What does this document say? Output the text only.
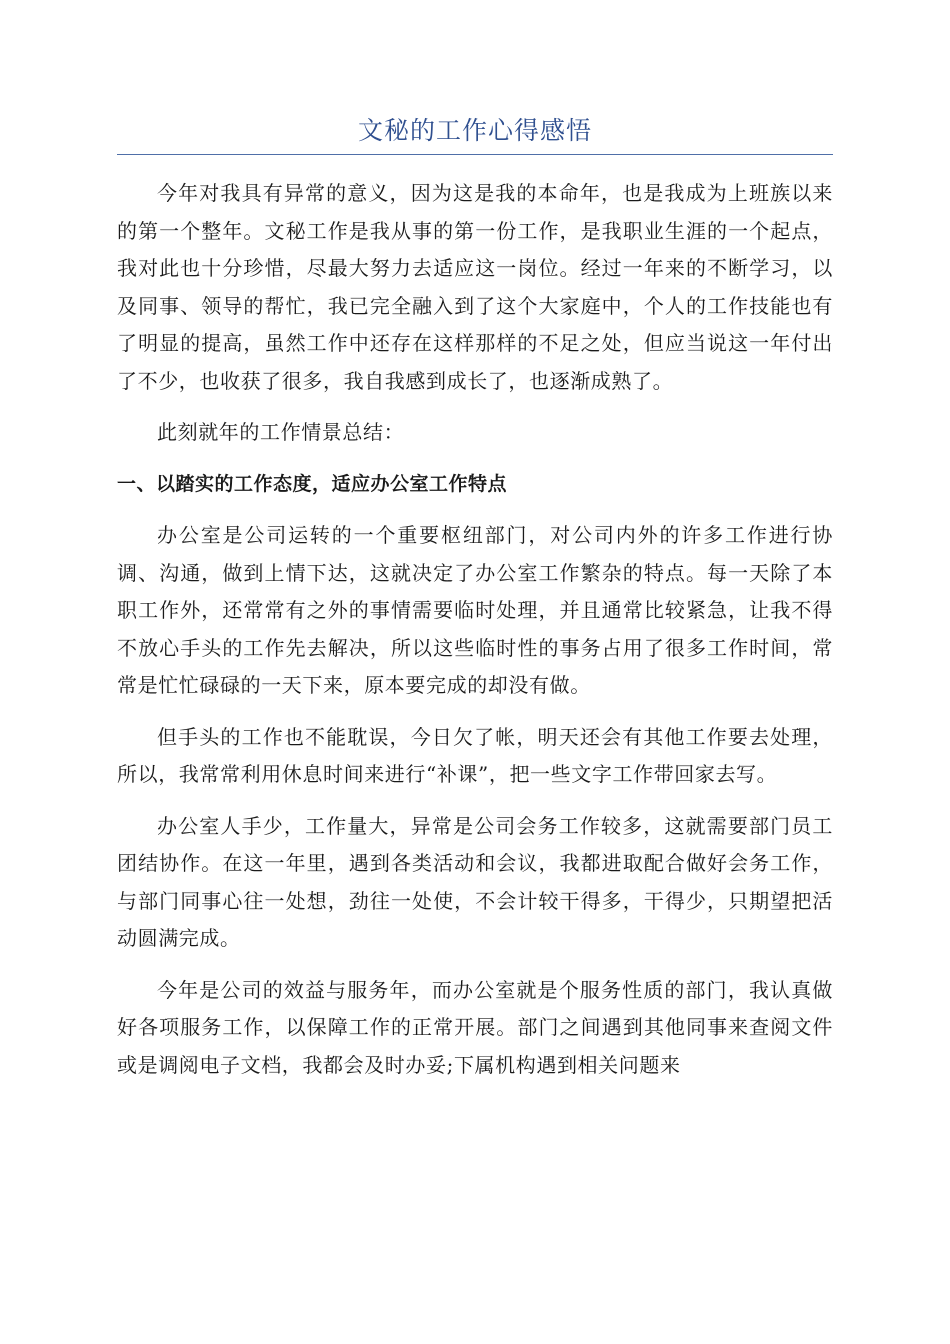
文秘的工作心得感悟

今年对我具有异常的意义，因为这是我的本命年，也是我成为上班族以来的第一个整年。文秘工作是我从事的第一份工作，是我职业生涯的一个起点，我对此也十分珍惜，尽最大努力去适应这一岗位。经过一年来的不断学习，以及同事、领导的帮忙，我已完全融入到了这个大家庭中，个人的工作技能也有了明显的提高，虽然工作中还存在这样那样的不足之处，但应当说这一年付出了不少，也收获了很多，我自我感到成长了，也逐渐成熟了。

此刻就年的工作情景总结：

一、以踏实的工作态度，适应办公室工作特点

办公室是公司运转的一个重要枢纽部门，对公司内外的许多工作进行协调、沟通，做到上情下达，这就决定了办公室工作繁杂的特点。每一天除了本职工作外，还常常有之外的事情需要临时处理，并且通常比较紧急，让我不得不放心手头的工作先去解决，所以这些临时性的事务占用了很多工作时间，常常是忙忙碌碌的一天下来，原本要完成的却没有做。

但手头的工作也不能耽误，今日欠了帐，明天还会有其他工作要去处理，所以，我常常利用休息时间来进行“补课”，把一些文字工作带回家去写。

办公室人手少，工作量大，异常是公司会务工作较多，这就需要部门员工团结协作。在这一年里，遇到各类活动和会议，我都进取配合做好会务工作，与部门同事心往一处想，劲往一处使，不会计较干得多，干得少，只期望把活动圆满完成。

今年是公司的效益与服务年，而办公室就是个服务性质的部门，我认真做好各项服务工作，以保障工作的正常开展。部门之间遇到其他同事来查阅文件或是调阅电子文档，我都会及时办妥;下属机构遇到相关问题来
